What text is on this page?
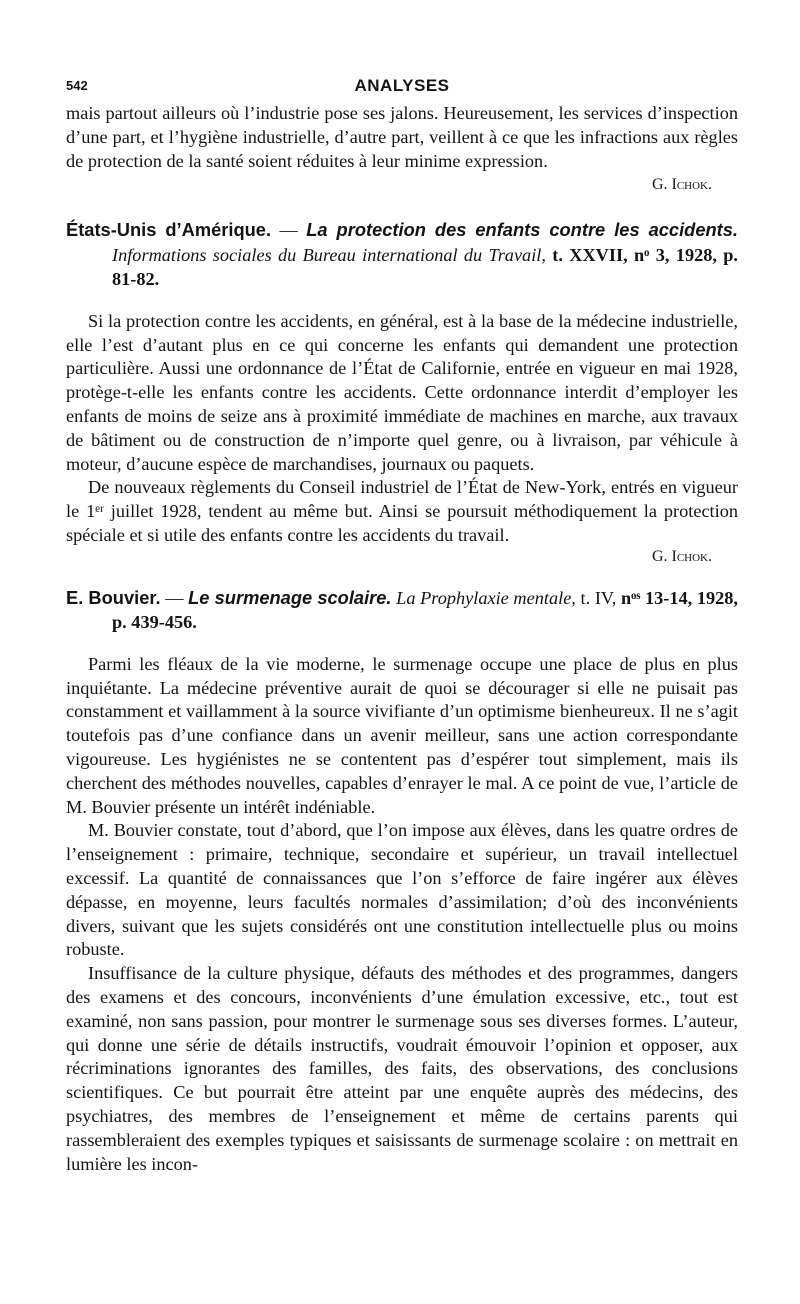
542	ANALYSES

mais partout ailleurs où l’industrie pose ses jalons. Heureusement, les services d’inspection d’une part, et l’hygiène industrielle, d’autre part, veillent à ce que les infractions aux règles de protection de la santé soient réduites à leur minime expression.

G. Ichok.
États-Unis d’Amérique. — La protection des enfants contre les accidents. Informations sociales du Bureau international du Travail, t. XXVII, nᵒ 3, 1928, p. 81-82.

Si la protection contre les accidents, en général, est à la base de la médecine industrielle, elle l’est d’autant plus en ce qui concerne les enfants qui demandent une protection particulière. Aussi une ordonnance de l’État de Californie, entrée en vigueur en mai 1928, protège-t-elle les enfants contre les accidents. Cette ordonnance interdit d’employer les enfants de moins de seize ans à proximité immédiate de machines en marche, aux travaux de bâtiment ou de construction de n’importe quel genre, ou à livraison, par véhicule à moteur, d’aucune espèce de marchandises, journaux ou paquets.

De nouveaux règlements du Conseil industriel de l’État de New-York, entrés en vigueur le 1ᵉʳ juillet 1928, tendent au même but. Ainsi se poursuit méthodiquement la protection spéciale et si utile des enfants contre les accidents du travail.

G. Ichok.
E. Bouvier. — Le surmenage scolaire. La Prophylaxie mentale, t. IV, nᵒˢ 13-14, 1928, p. 439-456.

Parmi les fléaux de la vie moderne, le surmenage occupe une place de plus en plus inquiétante. La médecine préventive aurait de quoi se décourager si elle ne puisait pas constamment et vaillamment à la source vivifiante d’un optimisme bienheureux. Il ne s’agit toutefois pas d’une confiance dans un avenir meilleur, sans une action correspondante vigoureuse. Les hygiénistes ne se contentent pas d’espérer tout simplement, mais ils cherchent des méthodes nouvelles, capables d’enrayer le mal. A ce point de vue, l’article de M. Bouvier présente un intérêt indéniable.

M. Bouvier constate, tout d’abord, que l’on impose aux élèves, dans les quatre ordres de l’enseignement : primaire, technique, secondaire et supérieur, un travail intellectuel excessif. La quantité de connaissances que l’on s’efforce de faire ingérer aux élèves dépasse, en moyenne, leurs facultés normales d’assimilation; d’où des inconvénients divers, suivant que les sujets considérés ont une constitution intellectuelle plus ou moins robuste.

Insuffisance de la culture physique, défauts des méthodes et des programmes, dangers des examens et des concours, inconvénients d’une émulation excessive, etc., tout est examiné, non sans passion, pour montrer le surmenage sous ses diverses formes. L’auteur, qui donne une série de détails instructifs, voudrait émouvoir l’opinion et opposer, aux récriminations ignorantes des familles, des faits, des observations, des conclusions scientifiques. Ce but pourrait être atteint par une enquête auprès des médecins, des psychiatres, des membres de l’enseignement et même de certains parents qui rassembleraient des exemples typiques et saisissants de surmenage scolaire : on mettrait en lumière les incon-
